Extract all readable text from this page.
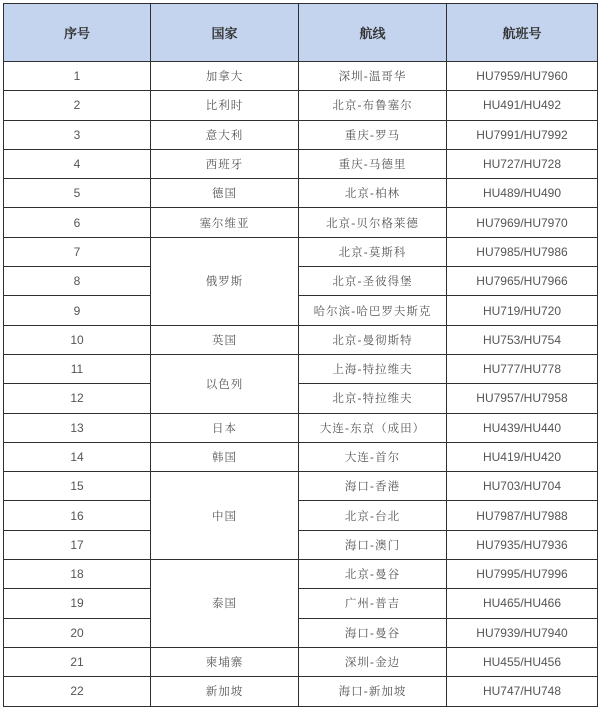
序号	国家	航线	航班号
1	加拿大	深圳-温哥华	HU7959/HU7960
2	比利时	北京-布鲁塞尔	HU491/HU492
3	意大利	重庆-罗马	HU7991/HU7992
4	西班牙	重庆-马德里	HU727/HU728
5	德国	北京-柏林	HU489/HU490
6	塞尔维亚	北京-贝尔格莱德	HU7969/HU7970
7	俄罗斯	北京-莫斯科	HU7985/HU7986
8		北京-圣彼得堡	HU7965/HU7966
9		哈尔滨-哈巴罗夫斯克	HU719/HU720
10	英国	北京-曼彻斯特	HU753/HU754
11	以色列	上海-特拉维夫	HU777/HU778
12		北京-特拉维夫	HU7957/HU7958
13	日本	大连-东京（成田）	HU439/HU440
14	韩国	大连-首尔	HU419/HU420
15	中国	海口-香港	HU703/HU704
16		北京-台北	HU7987/HU7988
17		海口-澳门	HU7935/HU7936
18	泰国	北京-曼谷	HU7995/HU7996
19		广州-普吉	HU465/HU466
20		海口-曼谷	HU7939/HU7940
21	柬埔寨	深圳-金边	HU455/HU456
22	新加坡	海口-新加坡	HU747/HU748
